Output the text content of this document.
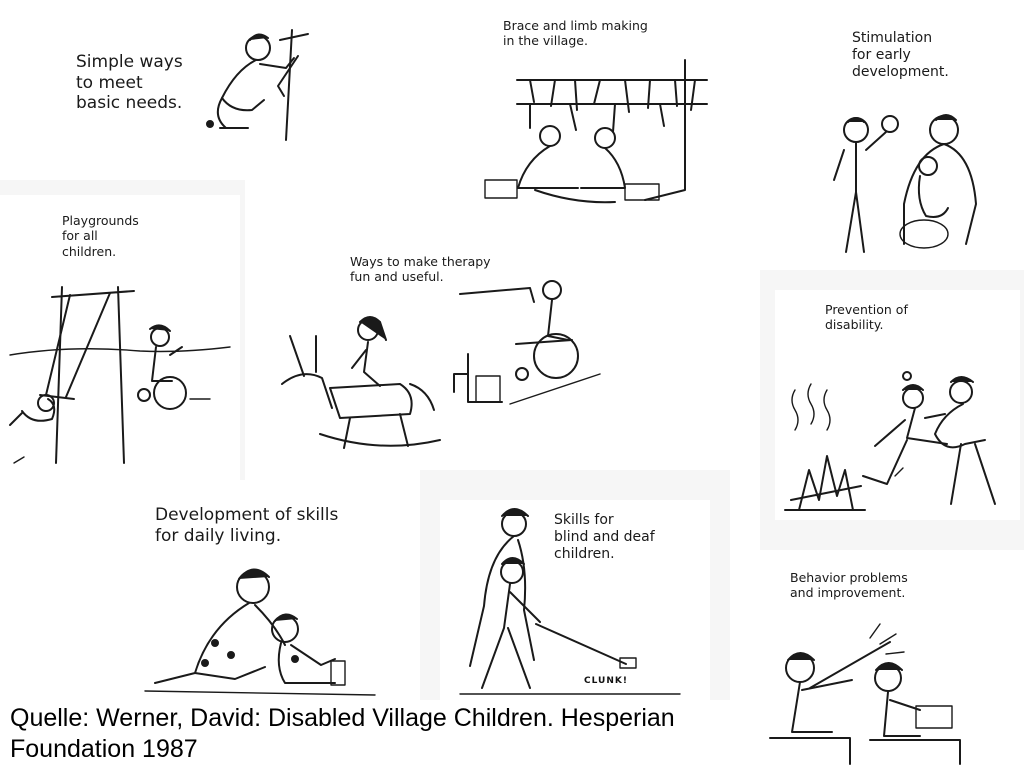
Simple ways
to meet
basic needs.

Brace and limb making
in the village.	Stimulation
for early
development.

Playgrounds
for all
children.

Ways to make therapy
fun and useful.

Prevention of
disability.

Development of skills
for daily living.

Skills for
blind and deaf
children.

CLUNK!

Behavior problems
and improvement.

Quelle: Werner, David: Disabled Village Children. Hesperian Foundation 1987
